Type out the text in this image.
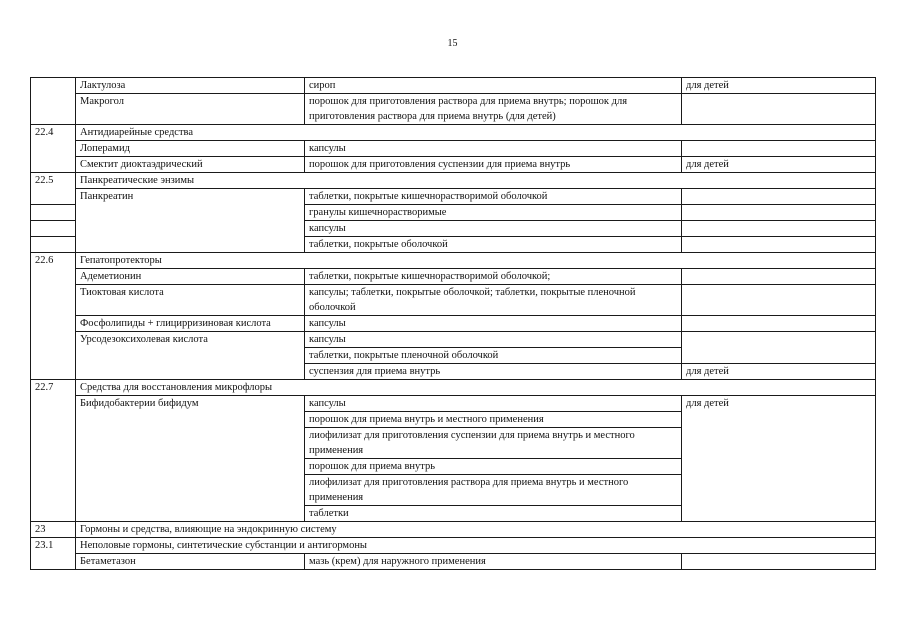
15
	Лактулоза	сироп	для детей
	Макрогол	порошок для приготовления раствора для приема внутрь; порошок для приготовления раствора для приема внутрь (для детей)	
22.4	Антидиарейные средства		
	Лоперамид	капсулы	
	Смектит диоктаэдрический	порошок для приготовления суспензии для приема внутрь	для детей
22.5	Панкреатические энзимы		
	Панкреатин	таблетки, покрытые кишечнорастворимой оболочкой	
		гранулы кишечнорастворимые	
		капсулы	
		таблетки, покрытые оболочкой	
22.6	Гепатопротекторы		
	Адеметионин	таблетки, покрытые кишечнорастворимой оболочкой;	
	Тиоктовая кислота	капсулы; таблетки, покрытые оболочкой; таблетки, покрытые пленочной оболочкой	
	Фосфолипиды + глицирризиновая кислота	капсулы	
	Урсодезоксихолевая кислота	капсулы	
		таблетки, покрытые пленочной оболочкой	
		суспензия для приема внутрь	для детей
22.7	Средства для восстановления микрофлоры		
	Бифидобактерии бифидум	капсулы	для детей
		порошок для приема внутрь и местного применения	
		лиофилизат для приготовления суспензии для приема внутрь и местного применения	
		порошок для приема внутрь	
		лиофилизат для приготовления раствора для приема внутрь и местного применения	
		таблетки	
23	Гормоны и средства, влияющие на эндокринную систему		
23.1	Неполовые гормоны, синтетические субстанции и антигормоны		
	Бетаметазон	мазь (крем) для наружного применения	
